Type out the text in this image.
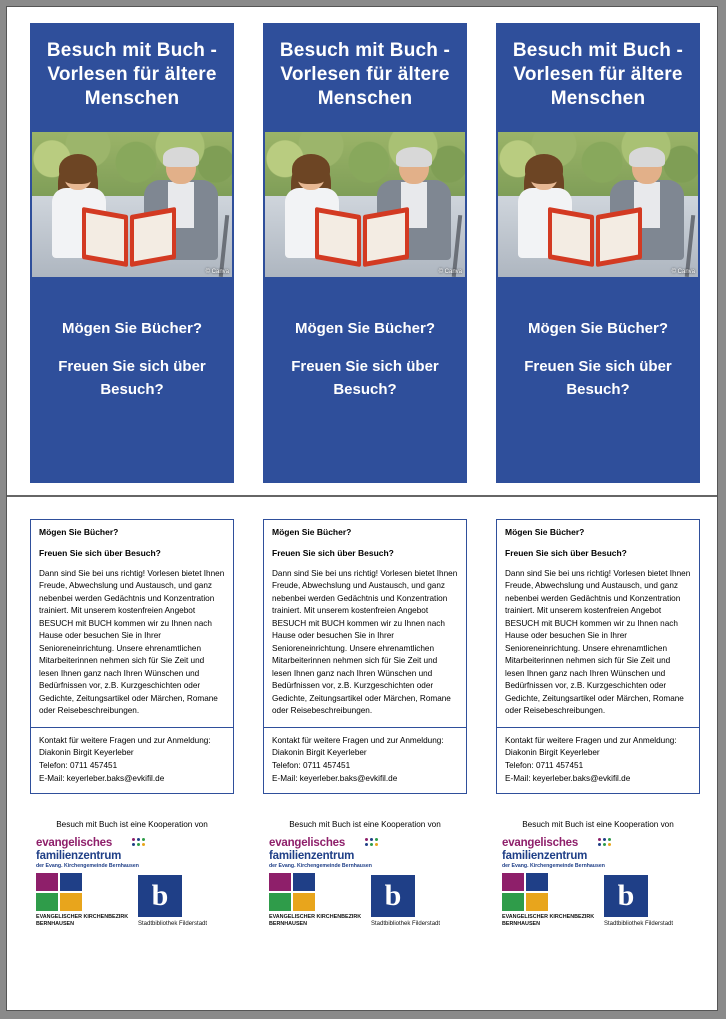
Besuch mit Buch - Vorlesen für ältere Menschen
© Canva
Mögen Sie Bücher?
Freuen Sie sich über Besuch?
Besuch mit Buch - Vorlesen für ältere Menschen
© Canva
Mögen Sie Bücher?
Freuen Sie sich über Besuch?
Besuch mit Buch - Vorlesen für ältere Menschen
© Canva
Mögen Sie Bücher?
Freuen Sie sich über Besuch?
Mögen Sie Bücher?
Freuen Sie sich über Besuch?
Dann sind Sie bei uns richtig! Vorlesen bietet Ihnen Freude, Abwechslung und Austausch, und ganz nebenbei werden Gedächtnis und Konzentration trainiert. Mit unserem kostenfreien Angebot BESUCH mit BUCH kommen wir zu Ihnen nach Hause oder besuchen Sie in Ihrer Senioreneinrichtung. Unsere ehrenamtlichen Mitarbeiterinnen nehmen sich für Sie Zeit und lesen Ihnen ganz nach Ihren Wünschen und Bedürfnissen vor, z.B. Kurzgeschichten oder Gedichte, Zeitungsartikel oder Märchen, Romane oder Reisebeschreibungen.
Kontakt für weitere Fragen und zur Anmeldung:
Diakonin Birgit Keyerleber
Telefon: 0711 457451
E-Mail: keyerleber.baks@evkifil.de
Besuch mit Buch ist eine Kooperation von
evangelisches
familienzentrum
der Evang. Kirchengemeinde Bernhausen
EVANGELISCHER KIRCHENBEZIRK BERNHAUSEN
b
Stadtbibliothek Filderstadt
Mögen Sie Bücher?
Freuen Sie sich über Besuch?
Dann sind Sie bei uns richtig! Vorlesen bietet Ihnen Freude, Abwechslung und Austausch, und ganz nebenbei werden Gedächtnis und Konzentration trainiert. Mit unserem kostenfreien Angebot BESUCH mit BUCH kommen wir zu Ihnen nach Hause oder besuchen Sie in Ihrer Senioreneinrichtung. Unsere ehrenamtlichen Mitarbeiterinnen nehmen sich für Sie Zeit und lesen Ihnen ganz nach Ihren Wünschen und Bedürfnissen vor, z.B. Kurzgeschichten oder Gedichte, Zeitungsartikel oder Märchen, Romane oder Reisebeschreibungen.
Kontakt für weitere Fragen und zur Anmeldung:
Diakonin Birgit Keyerleber
Telefon: 0711 457451
E-Mail: keyerleber.baks@evkifil.de
Besuch mit Buch ist eine Kooperation von
evangelisches
familienzentrum
der Evang. Kirchengemeinde Bernhausen
EVANGELISCHER KIRCHENBEZIRK BERNHAUSEN
b
Stadtbibliothek Filderstadt
Mögen Sie Bücher?
Freuen Sie sich über Besuch?
Dann sind Sie bei uns richtig! Vorlesen bietet Ihnen Freude, Abwechslung und Austausch, und ganz nebenbei werden Gedächtnis und Konzentration trainiert. Mit unserem kostenfreien Angebot BESUCH mit BUCH kommen wir zu Ihnen nach Hause oder besuchen Sie in Ihrer Senioreneinrichtung. Unsere ehrenamtlichen Mitarbeiterinnen nehmen sich für Sie Zeit und lesen Ihnen ganz nach Ihren Wünschen und Bedürfnissen vor, z.B. Kurzgeschichten oder Gedichte, Zeitungsartikel oder Märchen, Romane oder Reisebeschreibungen.
Kontakt für weitere Fragen und zur Anmeldung:
Diakonin Birgit Keyerleber
Telefon: 0711 457451
E-Mail: keyerleber.baks@evkifil.de
Besuch mit Buch ist eine Kooperation von
evangelisches
familienzentrum
der Evang. Kirchengemeinde Bernhausen
EVANGELISCHER KIRCHENBEZIRK BERNHAUSEN
b
Stadtbibliothek Filderstadt
